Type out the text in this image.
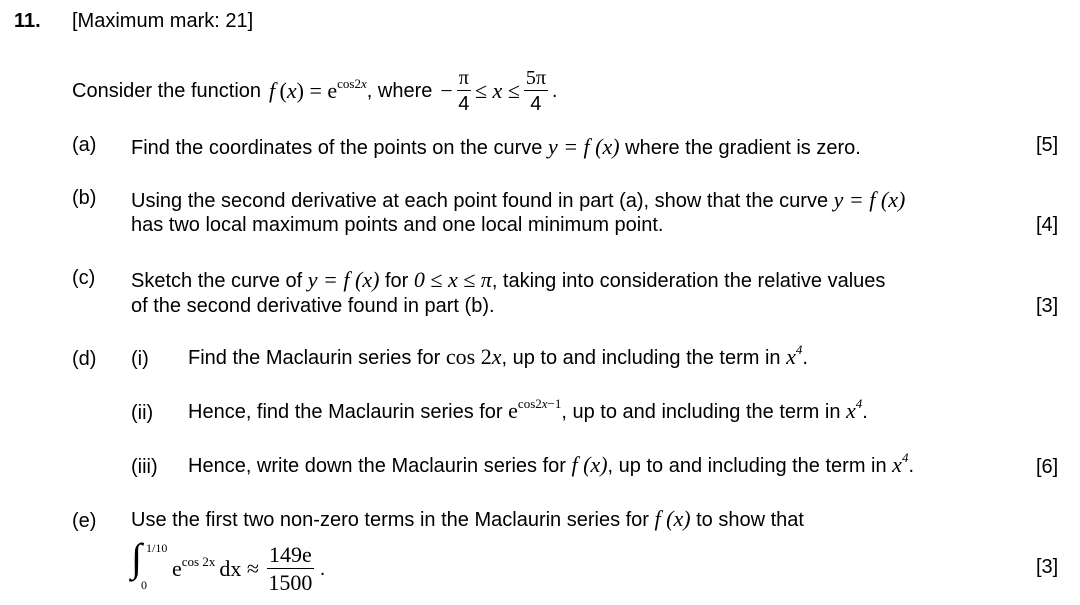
11. [Maximum mark: 21]
Consider the function f $(x) = e^{cos2x}$ , where − $\frac{\pi}{4} \le x \le \frac{5\pi}{4}$ .
(a) Find the coordinates of the points on the curve y = f (x) where the gradient is zero.	[5]
(b) Using the second derivative at each point found in part (a), show that the curve y = f (x)
has two local maximum points and one local minimum point.	[4]
(c) Sketch the curve of y = f (x) for 0 ≤ x ≤ π, taking into consideration the relative values
of the second derivative found in part (b).	[3]
(d) (i) Find the Maclaurin series for cos 2x, up to and including the term in $x^4$.
(ii) Hence, find the Maclaurin series for $e^{cos2x-1}$, up to and including the term in $x^4$.
(iii) Hence, write down the Maclaurin series for f (x), up to and including the term in $x^4$.	[6]
(e) Use the first two non-zero terms in the Maclaurin series for f (x) to show that
∫ 1/10
0
$e^{cos 2x}$ dx ≈ $\frac{149e}{1500}$ .	[3]
